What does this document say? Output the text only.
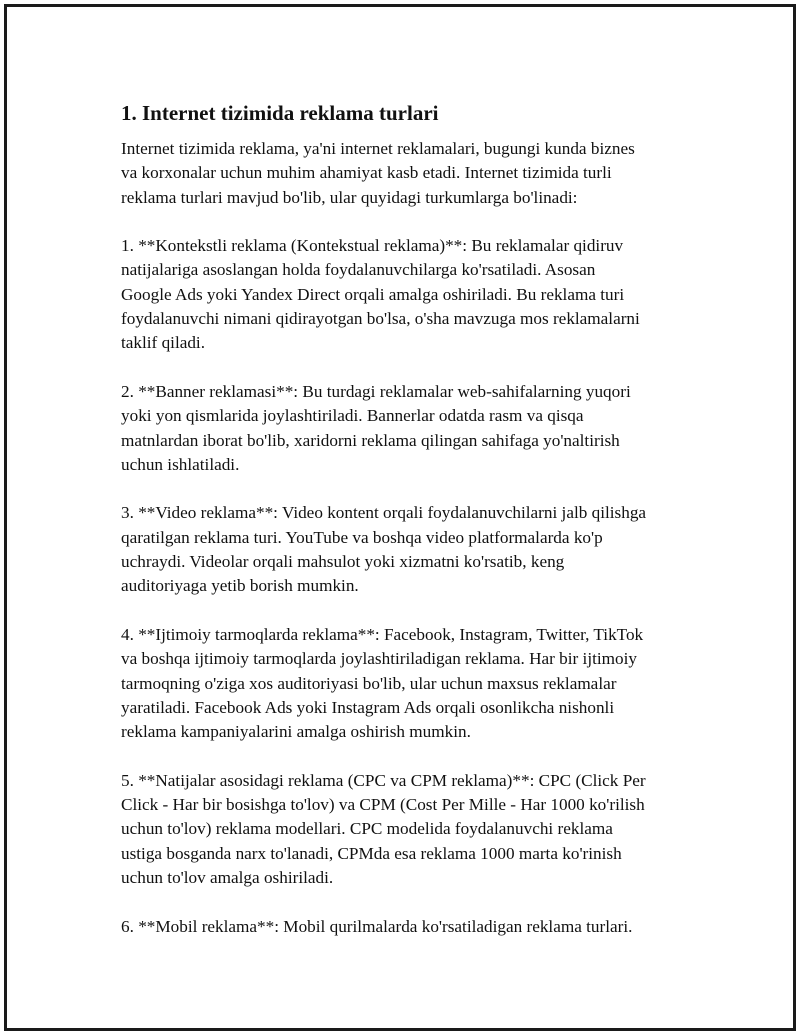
1. Internet tizimida reklama turlari
Internet tizimida reklama, ya'ni internet reklamalari, bugungi kunda biznes
va korxonalar uchun muhim ahamiyat kasb etadi. Internet tizimida turli
reklama turlari mavjud bo'lib, ular quyidagi turkumlarga bo'linadi:
1. **Kontekstli reklama (Kontekstual reklama)**: Bu reklamalar qidiruv
natijalariga asoslangan holda foydalanuvchilarga ko'rsatiladi. Asosan
Google Ads yoki Yandex Direct orqali amalga oshiriladi. Bu reklama turi
foydalanuvchi nimani qidirayotgan bo'lsa, o'sha mavzuga mos reklamalarni
taklif qiladi.
2. **Banner reklamasi**: Bu turdagi reklamalar web-sahifalarning yuqori
yoki yon qismlarida joylashtiriladi. Bannerlar odatda rasm va qisqa
matnlardan iborat bo'lib, xaridorni reklama qilingan sahifaga yo'naltirish
uchun ishlatiladi.
3. **Video reklama**: Video kontent orqali foydalanuvchilarni jalb qilishga
qaratilgan reklama turi. YouTube va boshqa video platformalarda ko'p
uchraydi. Videolar orqali mahsulot yoki xizmatni ko'rsatib, keng
auditoriyaga yetib borish mumkin.
4. **Ijtimoiy tarmoqlarda reklama**: Facebook, Instagram, Twitter, TikTok
va boshqa ijtimoiy tarmoqlarda joylashtiriladigan reklama. Har bir ijtimoiy
tarmoqning o'ziga xos auditoriyasi bo'lib, ular uchun maxsus reklamalar
yaratiladi. Facebook Ads yoki Instagram Ads orqali osonlikcha nishonli
reklama kampaniyalarini amalga oshirish mumkin.
5. **Natijalar asosidagi reklama (CPC va CPM reklama)**: CPC (Click Per
Click - Har bir bosishga to'lov) va CPM (Cost Per Mille - Har 1000 ko'rilish
uchun to'lov) reklama modellari. CPC modelida foydalanuvchi reklama
ustiga bosganda narx to'lanadi, CPMda esa reklama 1000 marta ko'rinish
uchun to'lov amalga oshiriladi.
6. **Mobil reklama**: Mobil qurilmalarda ko'rsatiladigan reklama turlari.
